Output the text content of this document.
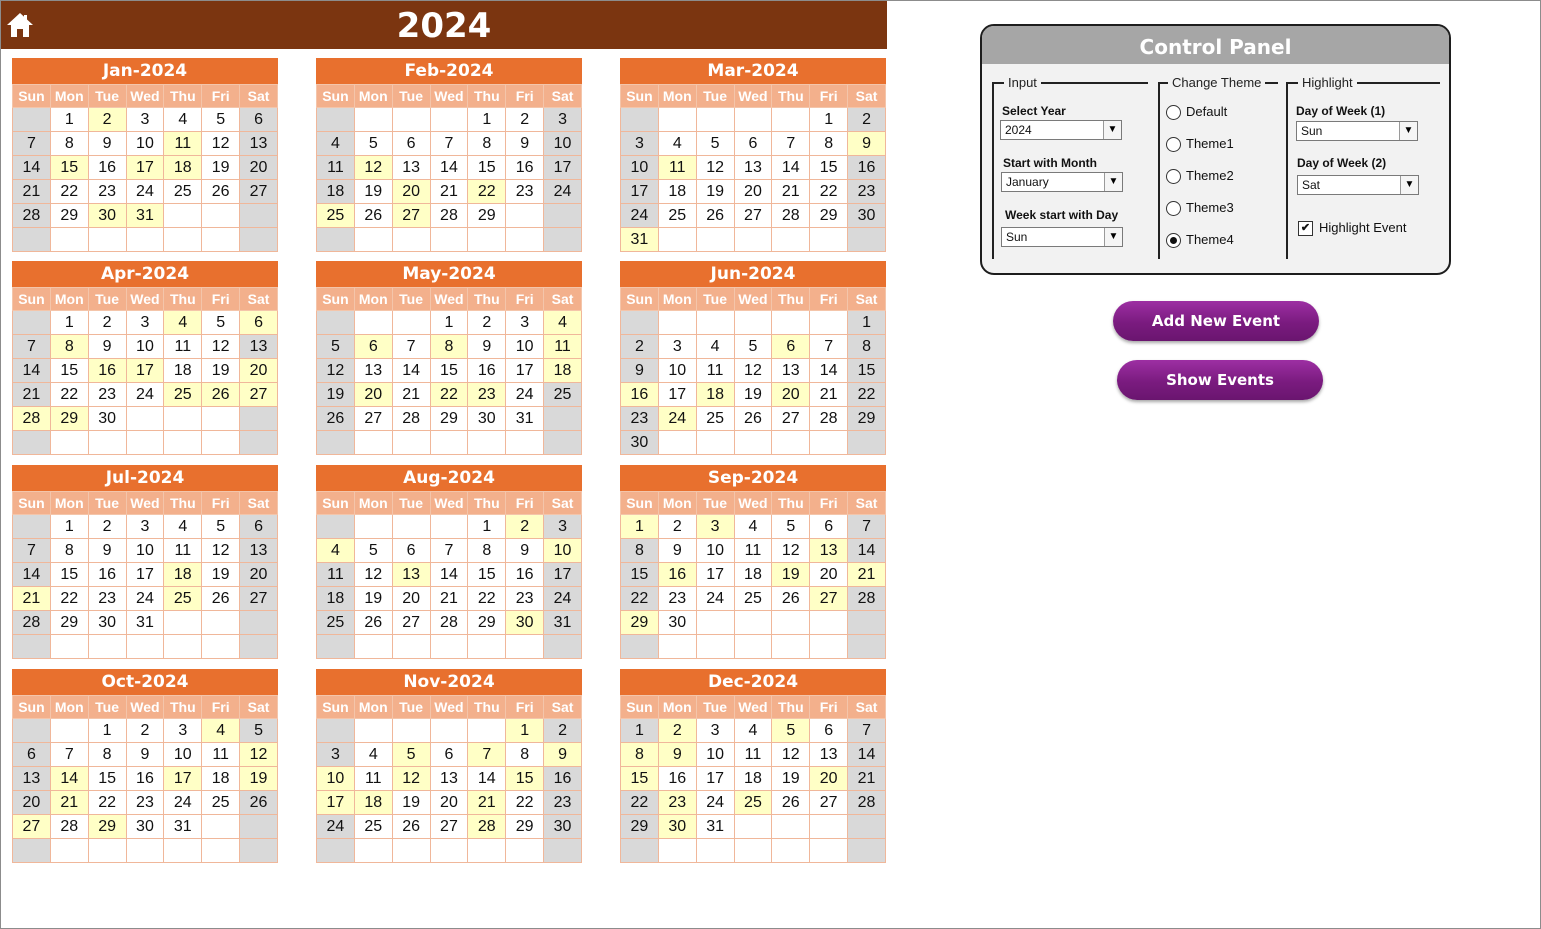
2024
Jan-2024
Sun	Mon	Tue	Wed	Thu	Fri	Sat
	1	2	3	4	5	6
7	8	9	10	11	12	13
14	15	16	17	18	19	20
21	22	23	24	25	26	27
28	29	30	31			

Feb-2024
Sun	Mon	Tue	Wed	Thu	Fri	Sat
				1	2	3
4	5	6	7	8	9	10
11	12	13	14	15	16	17
18	19	20	21	22	23	24
25	26	27	28	29		

Mar-2024
Sun	Mon	Tue	Wed	Thu	Fri	Sat
					1	2
3	4	5	6	7	8	9
10	11	12	13	14	15	16
17	18	19	20	21	22	23
24	25	26	27	28	29	30
31						
Apr-2024
Sun	Mon	Tue	Wed	Thu	Fri	Sat
	1	2	3	4	5	6
7	8	9	10	11	12	13
14	15	16	17	18	19	20
21	22	23	24	25	26	27
28	29	30				

May-2024
Sun	Mon	Tue	Wed	Thu	Fri	Sat
			1	2	3	4
5	6	7	8	9	10	11
12	13	14	15	16	17	18
19	20	21	22	23	24	25
26	27	28	29	30	31	

Jun-2024
Sun	Mon	Tue	Wed	Thu	Fri	Sat
						1
2	3	4	5	6	7	8
9	10	11	12	13	14	15
16	17	18	19	20	21	22
23	24	25	26	27	28	29
30						
Jul-2024
Sun	Mon	Tue	Wed	Thu	Fri	Sat
	1	2	3	4	5	6
7	8	9	10	11	12	13
14	15	16	17	18	19	20
21	22	23	24	25	26	27
28	29	30	31			

Aug-2024
Sun	Mon	Tue	Wed	Thu	Fri	Sat
				1	2	3
4	5	6	7	8	9	10
11	12	13	14	15	16	17
18	19	20	21	22	23	24
25	26	27	28	29	30	31

Sep-2024
Sun	Mon	Tue	Wed	Thu	Fri	Sat
1	2	3	4	5	6	7
8	9	10	11	12	13	14
15	16	17	18	19	20	21
22	23	24	25	26	27	28
29	30					

Oct-2024
Sun	Mon	Tue	Wed	Thu	Fri	Sat
		1	2	3	4	5
6	7	8	9	10	11	12
13	14	15	16	17	18	19
20	21	22	23	24	25	26
27	28	29	30	31		

Nov-2024
Sun	Mon	Tue	Wed	Thu	Fri	Sat
					1	2
3	4	5	6	7	8	9
10	11	12	13	14	15	16
17	18	19	20	21	22	23
24	25	26	27	28	29	30

Dec-2024
Sun	Mon	Tue	Wed	Thu	Fri	Sat
1	2	3	4	5	6	7
8	9	10	11	12	13	14
15	16	17	18	19	20	21
22	23	24	25	26	27	28
29	30	31				

Control Panel
Input
Select Year
2024	▼
Start with Month
January	▼
Week start with Day
Sun	▼
Change Theme
Default
Theme1
Theme2
Theme3
Theme4
Highlight
Day of Week (1)
Sun	▼
Day of Week (2)
Sat	▼
✔ Highlight Event
Add New Event
Show Events
